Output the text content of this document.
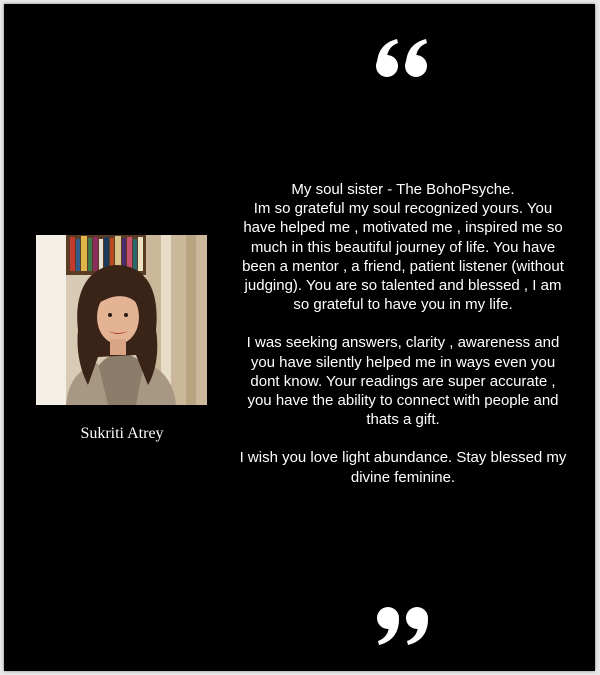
Sukriti Atrey

My soul sister - The BohoPsyche.
Im so grateful my soul recognized yours. You have helped me , motivated me , inspired me so much in this beautiful journey of life. You have been a mentor , a friend, patient listener (without judging). You are so talented and blessed , I am so grateful to have you in my life.

I was seeking answers, clarity , awareness and you have silently helped me in ways even you dont know. Your readings are super accurate , you have the ability to connect with people and thats a gift.

I wish you love light abundance. Stay blessed my divine feminine.
